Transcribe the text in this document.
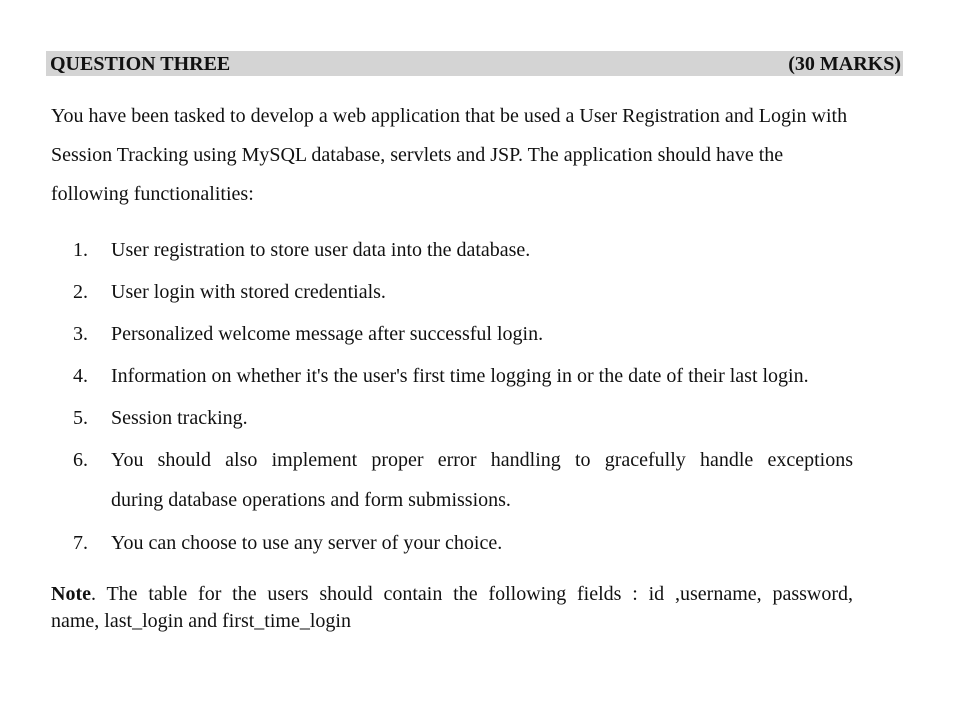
QUESTION THREE	(30 MARKS)
You have been tasked to develop a web application that be used a User Registration and Login with
Session Tracking using MySQL database, servlets and JSP. The application should have the
following functionalities:
1. User registration to store user data into the database.
2. User login with stored credentials.
3. Personalized welcome message after successful login.
4. Information on whether it's the user's first time logging in or the date of their last login.
5. Session tracking.
6. You should also implement proper error handling to gracefully handle exceptions
during database operations and form submissions.
7. You can choose to use any server of your choice.
Note. The table for the users should contain the following fields : id ,username, password,
name, last_login and first_time_login
